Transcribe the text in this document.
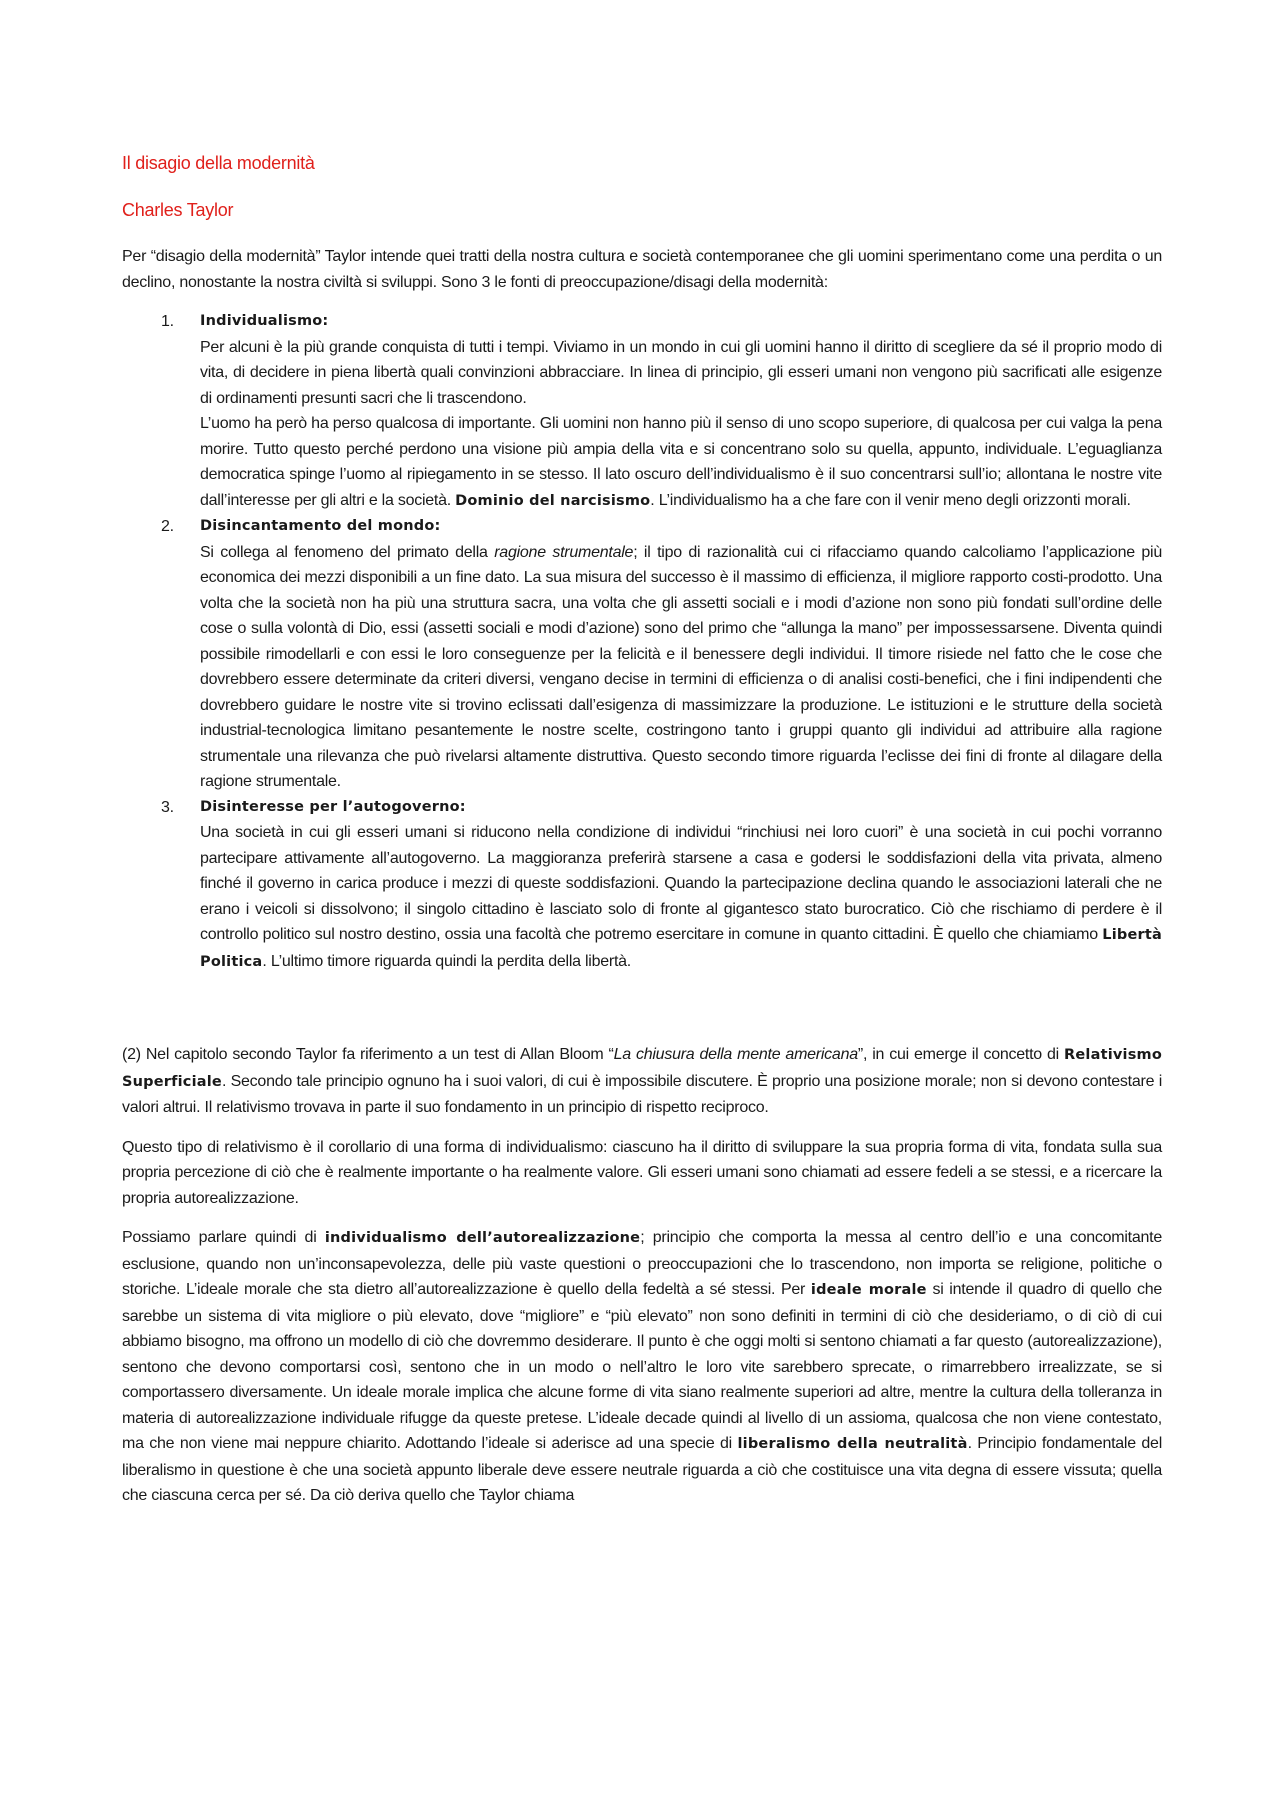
Il disagio della modernità
Charles Taylor

Per “disagio della modernità” Taylor intende quei tratti della nostra cultura e società contemporanee che gli uomini sperimentano come una perdita o un declino, nonostante la nostra civiltà si sviluppi. Sono 3 le fonti di preoccupazione/disagi della modernità:

1. Individualismo:

Per alcuni è la più grande conquista di tutti i tempi. Viviamo in un mondo in cui gli uomini hanno il diritto di scegliere da sé il proprio modo di vita, di decidere in piena libertà quali convinzioni abbracciare. In linea di principio, gli esseri umani non vengono più sacrificati alle esigenze di ordinamenti presunti sacri che li trascendono.

L’uomo ha però ha perso qualcosa di importante. Gli uomini non hanno più il senso di uno scopo superiore, di qualcosa per cui valga la pena morire. Tutto questo perché perdono una visione più ampia della vita e si concentrano solo su quella, appunto, individuale. L’eguaglianza democratica spinge l’uomo al ripiegamento in se stesso. Il lato oscuro dell’individualismo è il suo concentrarsi sull’io; allontana le nostre vite dall’interesse per gli altri e la società. Dominio del narcisismo. L’individualismo ha a che fare con il venir meno degli orizzonti morali.

2. Disincantamento del mondo:

Si collega al fenomeno del primato della ragione strumentale; il tipo di razionalità cui ci rifacciamo quando calcoliamo l’applicazione più economica dei mezzi disponibili a un fine dato. La sua misura del successo è il massimo di efficienza, il migliore rapporto costi-prodotto. Una volta che la società non ha più una struttura sacra, una volta che gli assetti sociali e i modi d’azione non sono più fondati sull’ordine delle cose o sulla volontà di Dio, essi (assetti sociali e modi d’azione) sono del primo che “allunga la mano” per impossessarsene. Diventa quindi possibile rimodellarli e con essi le loro conseguenze per la felicità e il benessere degli individui. Il timore risiede nel fatto che le cose che dovrebbero essere determinate da criteri diversi, vengano decise in termini di efficienza o di analisi costi-benefici, che i fini indipendenti che dovrebbero guidare le nostre vite si trovino eclissati dall’esigenza di massimizzare la produzione. Le istituzioni e le strutture della società industrial-tecnologica limitano pesantemente le nostre scelte, costringono tanto i gruppi quanto gli individui ad attribuire alla ragione strumentale una rilevanza che può rivelarsi altamente distruttiva. Questo secondo timore riguarda l’eclisse dei fini di fronte al dilagare della ragione strumentale.

3. Disinteresse per l’autogoverno:

Una società in cui gli esseri umani si riducono nella condizione di individui “rinchiusi nei loro cuori” è una società in cui pochi vorranno partecipare attivamente all’autogoverno. La maggioranza preferirà starsene a casa e godersi le soddisfazioni della vita privata, almeno finché il governo in carica produce i mezzi di queste soddisfazioni. Quando la partecipazione declina quando le associazioni laterali che ne erano i veicoli si dissolvono; il singolo cittadino è lasciato solo di fronte al gigantesco stato burocratico. Ciò che rischiamo di perdere è il controllo politico sul nostro destino, ossia una facoltà che potremo esercitare in comune in quanto cittadini. È quello che chiamiamo Libertà Politica. L’ultimo timore riguarda quindi la perdita della libertà.

(2) Nel capitolo secondo Taylor fa riferimento a un test di Allan Bloom “La chiusura della mente americana”, in cui emerge il concetto di Relativismo Superficiale. Secondo tale principio ognuno ha i suoi valori, di cui è impossibile discutere. È proprio una posizione morale; non si devono contestare i valori altrui. Il relativismo trovava in parte il suo fondamento in un principio di rispetto reciproco.

Questo tipo di relativismo è il corollario di una forma di individualismo: ciascuno ha il diritto di sviluppare la sua propria forma di vita, fondata sulla sua propria percezione di ciò che è realmente importante o ha realmente valore. Gli esseri umani sono chiamati ad essere fedeli a se stessi, e a ricercare la propria autorealizzazione.

Possiamo parlare quindi di individualismo dell’autorealizzazione; principio che comporta la messa al centro dell’io e una concomitante esclusione, quando non un’inconsapevolezza, delle più vaste questioni o preoccupazioni che lo trascendono, non importa se religione, politiche o storiche. L’ideale morale che sta dietro all’autorealizzazione è quello della fedeltà a sé stessi. Per ideale morale si intende il quadro di quello che sarebbe un sistema di vita migliore o più elevato, dove “migliore” e “più elevato” non sono definiti in termini di ciò che desideriamo, o di ciò di cui abbiamo bisogno, ma offrono un modello di ciò che dovremmo desiderare. Il punto è che oggi molti si sentono chiamati a far questo (autorealizzazione), sentono che devono comportarsi così, sentono che in un modo o nell’altro le loro vite sarebbero sprecate, o rimarrebbero irrealizzate, se si comportassero diversamente. Un ideale morale implica che alcune forme di vita siano realmente superiori ad altre, mentre la cultura della tolleranza in materia di autorealizzazione individuale rifugge da queste pretese. L’ideale decade quindi al livello di un assioma, qualcosa che non viene contestato, ma che non viene mai neppure chiarito. Adottando l’ideale si aderisce ad una specie di liberalismo della neutralità. Principio fondamentale del liberalismo in questione è che una società appunto liberale deve essere neutrale riguarda a ciò che costituisce una vita degna di essere vissuta; quella che ciascuna cerca per sé. Da ciò deriva quello che Taylor chiama
